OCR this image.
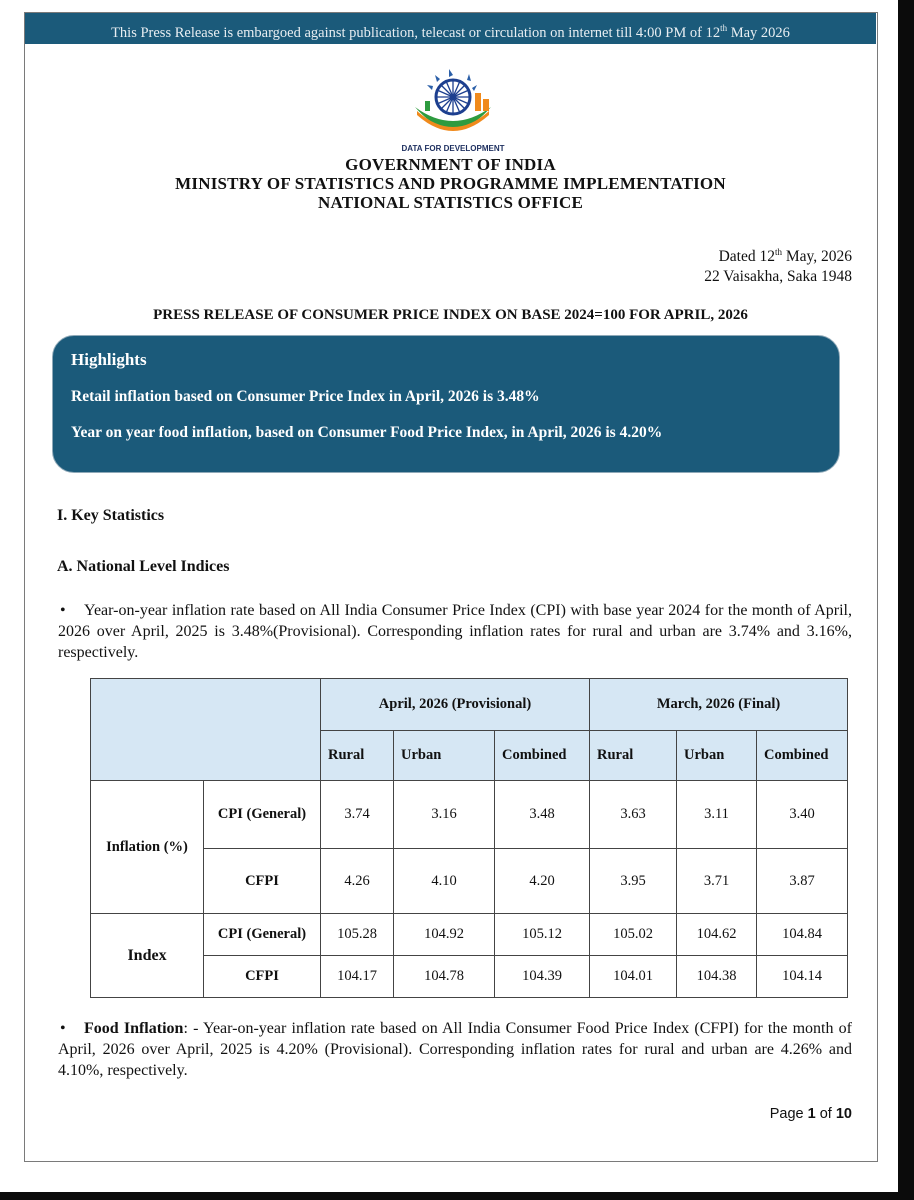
This Press Release is embargoed against publication, telecast or circulation on internet till 4:00 PM of 12th May 2026
DATA FOR DEVELOPMENT
GOVERNMENT OF INDIA
MINISTRY OF STATISTICS AND PROGRAMME IMPLEMENTATION
NATIONAL STATISTICS OFFICE
Dated 12th May, 2026
22 Vaisakha, Saka 1948
PRESS RELEASE OF CONSUMER PRICE INDEX ON BASE 2024=100 FOR APRIL, 2026
Highlights
Retail inflation based on Consumer Price Index in April, 2026 is 3.48%
Year on year food inflation, based on Consumer Food Price Index, in April, 2026 is 4.20%
I. Key Statistics
A. National Level Indices
• Year-on-year inflation rate based on All India Consumer Price Index (CPI) with base year 2024 for the month of April, 2026 over April, 2025 is 3.48%(Provisional). Corresponding inflation rates for rural and urban are 3.74% and 3.16%, respectively.
		April, 2026 (Provisional)			March, 2026 (Final)		
		Rural	Urban	Combined	Rural	Urban	Combined
Inflation (%)	CPI (General)	3.74	3.16	3.48	3.63	3.11	3.40
	CFPI	4.26	4.10	4.20	3.95	3.71	3.87
Index	CPI (General)	105.28	104.92	105.12	105.02	104.62	104.84
	CFPI	104.17	104.78	104.39	104.01	104.38	104.14
• Food Inflation: - Year-on-year inflation rate based on All India Consumer Food Price Index (CFPI) for the month of April, 2026 over April, 2025 is 4.20% (Provisional). Corresponding inflation rates for rural and urban are 4.26% and 4.10%, respectively.
Page 1 of 10
